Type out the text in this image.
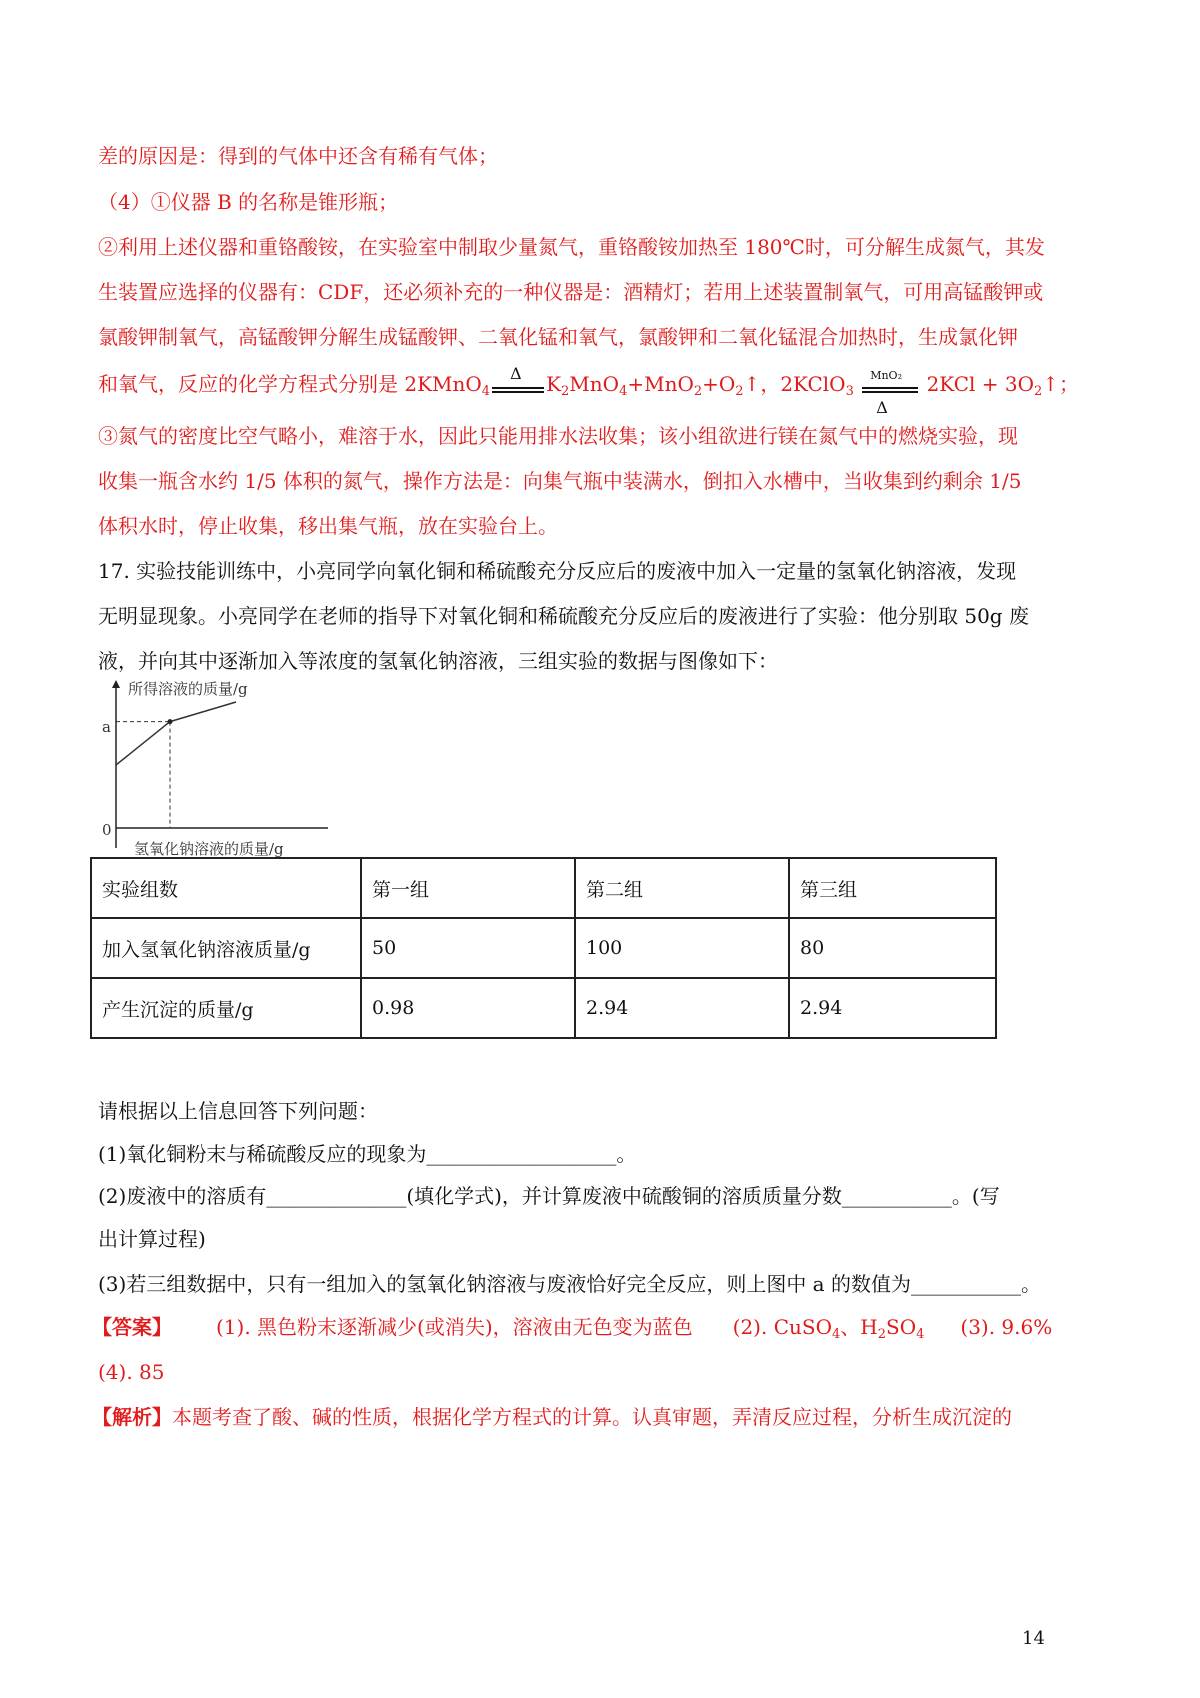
差的原因是：得到的气体中还含有稀有气体；
（4）①仪器 B 的名称是锥形瓶；
②利用上述仪器和重铬酸铵，在实验室中制取少量氮气，重铬酸铵加热至 180℃时，可分解生成氮气，其发
生装置应选择的仪器有：CDF，还必须补充的一种仪器是：酒精灯；若用上述装置制氧气，可用高锰酸钾或
氯酸钾制氧气，高锰酸钾分解生成锰酸钾、二氧化锰和氧气，氯酸钾和二氧化锰混合加热时，生成氯化钾
和氧气，反应的化学方程式分别是 2KMnO$_4$
Δ $K_2MnO_4+MnO_2+O_2↑$，2KClO$_3$
MnO₂
Δ
$2KCl + 3O_2↑$；
③氮气的密度比空气略小，难溶于水，因此只能用排水法收集；该小组欲进行镁在氮气中的燃烧实验，现
收集一瓶含水约 1/5 体积的氮气，操作方法是：向集气瓶中装满水，倒扣入水槽中，当收集到约剩余 1/5
体积水时，停止收集，移出集气瓶，放在实验台上。
17. 实验技能训练中，小亮同学向氧化铜和稀硫酸充分反应后的废液中加入一定量的氢氧化钠溶液，发现
无明显现象。小亮同学在老师的指导下对氧化铜和稀硫酸充分反应后的废液进行了实验：他分别取 50g 废
液，并向其中逐渐加入等浓度的氢氧化钠溶液，三组实验的数据与图像如下：
所得溶液的质量/g
a
0
氢氧化钠溶液的质量/g
实验组数	第一组	第二组	第三组
加入氢氧化钠溶液质量/g	50	100	80
产生沉淀的质量/g	0.98	2.94	2.94
请根据以上信息回答下列问题：
(1)氧化铜粉末与稀硫酸反应的现象为___________________。
(2)废液中的溶质有______________(填化学式)，并计算废液中硫酸铜的溶质质量分数___________。(写
出计算过程)
(3)若三组数据中，只有一组加入的氢氧化钠溶液与废液恰好完全反应，则上图中 a 的数值为___________。
【答案】 (1). 黑色粉末逐渐减少(或消失)，溶液由无色变为蓝色 (2). CuSO$_4$、$H_2SO_4$ (3). 9.6%
(4). 85
【解析】本题考查了酸、碱的性质，根据化学方程式的计算。认真审题，弄清反应过程，分析生成沉淀的
14
